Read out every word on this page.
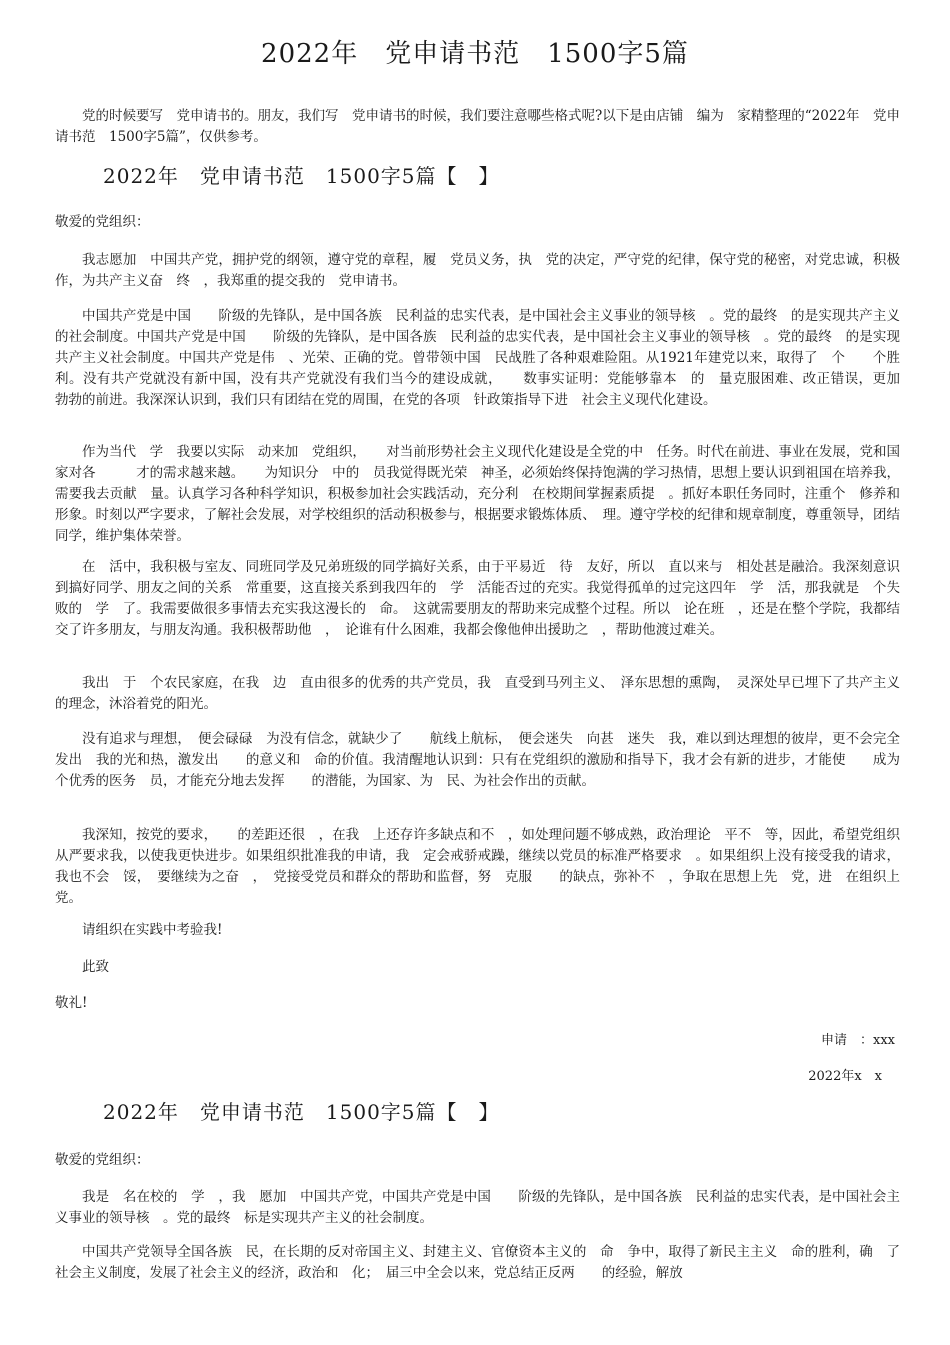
2022年　党申请书范　1500字5篇

党的时候要写　党申请书的。朋友，我们写　党申请书的时候，我们要注意哪些格式呢?以下是由店铺　编为　家精整理的“2022年　党申请书范　1500字5篇”，仅供参考。

2022年　党申请书范　1500字5篇【　】

敬爱的党组织：

我志愿加　中国共产党，拥护党的纲领，遵守党的章程，履　党员义务，执　党的决定，严守党的纪律，保守党的秘密，对党忠诚，积极　作，为共产主义奋　终　，我郑重的提交我的　党申请书。

中国共产党是中国　　阶级的先锋队，是中国各族　民利益的忠实代表，是中国社会主义事业的领导核　。党的最终　的是实现共产主义的社会制度。中国共产党是中国　　阶级的先锋队，是中国各族　民利益的忠实代表，是中国社会主义事业的领导核　。党的最终　的是实现共产主义社会制度。中国共产党是伟　、光荣、正确的党。曾带领中国　民战胜了各种艰难险阻。从1921年建党以来，取得了　个　　个胜利。没有共产党就没有新中国，没有共产党就没有我们当今的建设成就，　　数事实证明：党能够靠本　的　量克服困难、改正错误，更加　　勃勃的前进。我深深认识到，我们只有团结在党的周围，在党的各项　针政策指导下进　社会主义现代化建设。

作为当代　学　我要以实际　动来加　党组织，　　对当前形势社会主义现代化建设是全党的中　任务。时代在前进、事业在发展，党和国家对各　　　才的需求越来越。　　为知识分　中的　员我觉得既光荣　神圣，必须始终保持饱满的学习热情，思想上要认识到祖国在培养我，需要我去贡献　量。认真学习各种科学知识，积极参加社会实践活动，充分利　在校期间掌握素质提　。抓好本职任务同时，注重个　修养和形象。时刻以严字要求，了解社会发展，对学校组织的活动积极参与，根据要求锻炼体质、　理。遵守学校的纪律和规章制度，尊重领导，团结同学，维护集体荣誉。

在　活中，我积极与室友、同班同学及兄弟班级的同学搞好关系，由于平易近　待　友好，所以　直以来与　相处甚是融洽。我深刻意识到搞好同学、朋友之间的关系　常重要，这直接关系到我四年的　学　活能否过的充实。我觉得孤单的过完这四年　学　活，那我就是　个失败的　学　了。我需要做很多事情去充实我这漫长的　命。　这就需要朋友的帮助来完成整个过程。所以　论在班　，还是在整个学院，我都结交了许多朋友，与朋友沟通。我积极帮助他　，　论谁有什么困难，我都会像他伸出援助之　，帮助他渡过难关。

我出　于　个农民家庭，在我　边　直由很多的优秀的共产党员，我　直受到马列主义、　泽东思想的熏陶，　灵深处早已埋下了共产主义的理念，沐浴着党的阳光。

没有追求与理想，　便会碌碌　为没有信念，就缺少了　　航线上航标，　便会迷失　向甚　迷失　我，难以到达理想的彼岸，更不会完全发出　我的光和热，激发出　　的意义和　命的价值。我清醒地认识到：只有在党组织的激励和指导下，我才会有新的进步，才能使　　成为　个优秀的医务　员，才能充分地去发挥　　的潜能，为国家、为　民、为社会作出的贡献。

我深知，按党的要求，　　的差距还很　，在我　上还存许多缺点和不　，如处理问题不够成熟，政治理论　平不　等，因此，希望党组织从严要求我，以使我更快进步。如果组织批准我的申请，我　定会戒骄戒躁，继续以党员的标准严格要求　。如果组织上没有接受我的请求，我也不会　馁，　要继续为之奋　，　党接受党员和群众的帮助和监督，努　克服　　的缺点，弥补不　，争取在思想上先　党，进　在组织上　党。

请组织在实践中考验我!

此致

敬礼!

申请　：xxx
2022年x　x
2022年　党申请书范　1500字5篇【　】

敬爱的党组织：

我是　名在校的　学　，我　愿加　中国共产党，中国共产党是中国　　阶级的先锋队，是中国各族　民利益的忠实代表，是中国社会主义事业的领导核　。党的最终　标是实现共产主义的社会制度。

中国共产党领导全国各族　民，在长期的反对帝国主义、封建主义、官僚资本主义的　命　争中，取得了新民主主义　命的胜利，确　了社会主义制度，发展了社会主义的经济，政治和　化；　届三中全会以来，党总结正反两　　的经验，解放
